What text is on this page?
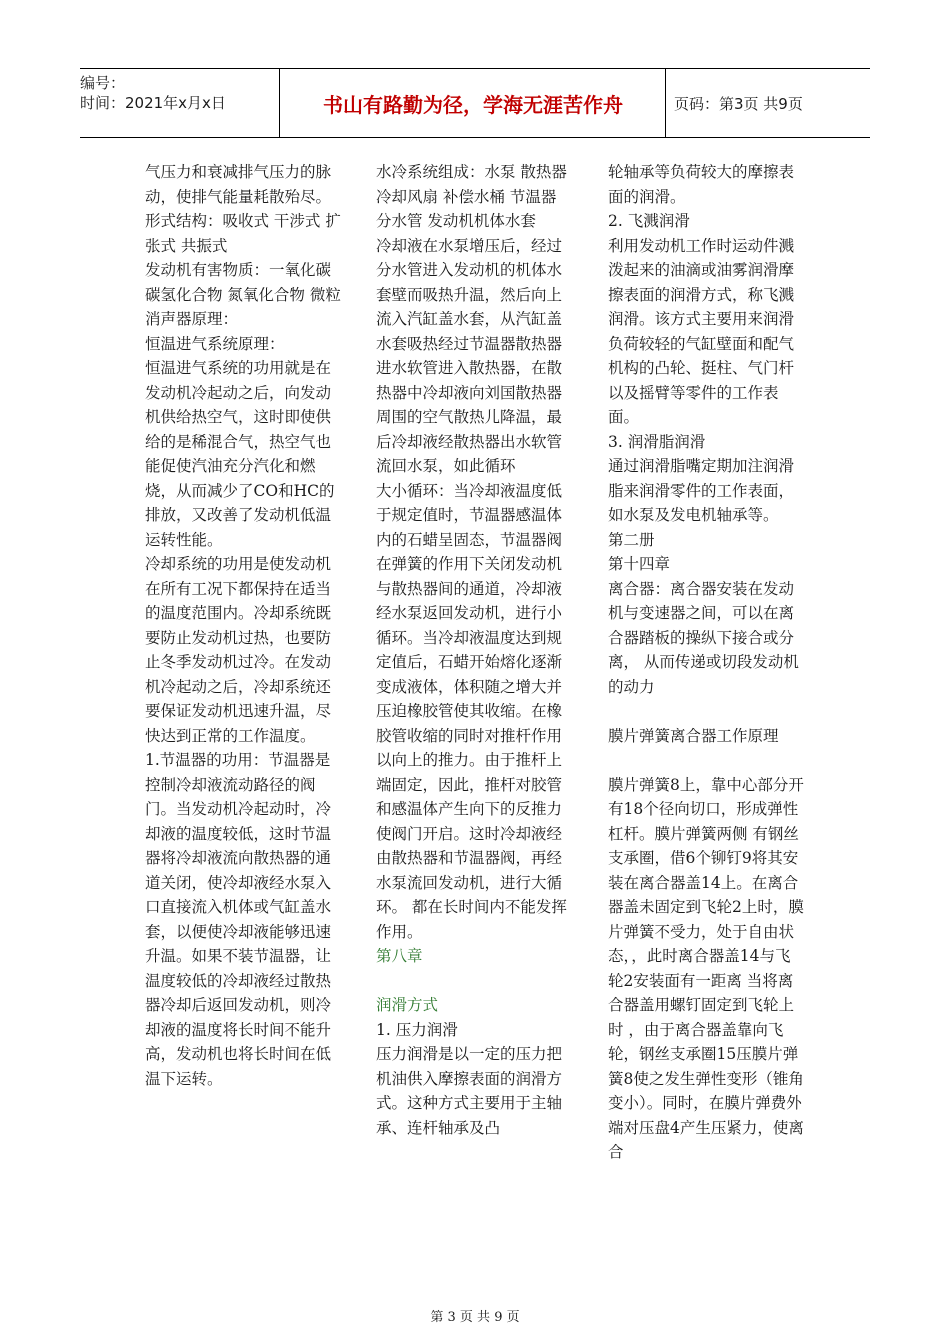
编号：
时间：2021年x月x日	书山有路勤为径，学海无涯苦作舟	页码：第3页 共9页

气压力和衰减排气压力的脉动，使排气能量耗散殆尽。

形式结构：吸收式 干涉式 扩张式 共振式

发动机有害物质：一氧化碳 碳氢化合物 氮氧化合物 微粒

消声器原理：

恒温进气系统原理：

恒温进气系统的功用就是在发动机冷起动之后，向发动机供给热空气，这时即使供给的是稀混合气，热空气也能促使汽油充分汽化和燃烧，从而减少了CO和HC的排放，又改善了发动机低温运转性能。

冷却系统的功用是使发动机在所有工况下都保持在适当的温度范围内。冷却系统既要防止发动机过热，也要防止冬季发动机过冷。在发动机冷起动之后，冷却系统还要保证发动机迅速升温，尽快达到正常的工作温度。

1.节温器的功用：节温器是控制冷却液流动路径的阀门。当发动机冷起动时，冷却液的温度较低，这时节温器将冷却液流向散热器的通道关闭，使冷却液经水泵入口直接流入机体或气缸盖水套，以便使冷却液能够迅速升温。如果不装节温器，让温度较低的冷却液经过散热器冷却后返回发动机，则冷却液的温度将长时间不能升高，发动机也将长时间在低温下运转。

水冷系统组成：水泵 散热器 冷却风扇 补偿水桶 节温器 分水管 发动机机体水套

冷却液在水泵增压后，经过分水管进入发动机的机体水套壁而吸热升温，然后向上流入汽缸盖水套，从汽缸盖水套吸热经过节温器散热器进水软管进入散热器，在散热器中冷却液向刘国散热器周围的空气散热儿降温，最后冷却液经散热器出水软管流回水泵，如此循环

大小循环：当冷却液温度低于规定值时，节温器感温体内的石蜡呈固态，节温器阀在弹簧的作用下关闭发动机与散热器间的通道，冷却液经水泵返回发动机，进行小循环。当冷却液温度达到规定值后，石蜡开始熔化逐渐变成液体，体积随之增大并压迫橡胶管使其收缩。在橡胶管收缩的同时对推杆作用以向上的推力。由于推杆上端固定，因此，推杆对胶管和感温体产生向下的反推力使阀门开启。这时冷却液经由散热器和节温器阀，再经水泵流回发动机，进行大循环。 都在长时间内不能发挥作用。

第八章

润滑方式

1. 压力润滑

压力润滑是以一定的压力把机油供入摩擦表面的润滑方式。这种方式主要用于主轴承、连杆轴承及凸

轮轴承等负荷较大的摩擦表面的润滑。

2. 飞溅润滑

利用发动机工作时运动件溅泼起来的油滴或油雾润滑摩擦表面的润滑方式，称飞溅润滑。该方式主要用来润滑负荷较轻的气缸壁面和配气机构的凸轮、挺柱、气门杆以及摇臂等零件的工作表面。

3. 润滑脂润滑

通过润滑脂嘴定期加注润滑脂来润滑零件的工作表面，如水泵及发电机轴承等。

第二册

第十四章

离合器：离合器安装在发动机与变速器之间，可以在离合器踏板的操纵下接合或分离， 从而传递或切段发动机的动力

膜片弹簧离合器工作原理

膜片弹簧8上，靠中心部分开有18个径向切口，形成弹性杠杆。膜片弹簧两侧 有钢丝支承圈，借6个铆钉9将其安装在离合器盖14上。在离合器盖未固定到飞轮2上时，膜片弹簧不受力，处于自由状态，，此时离合器盖14与飞轮2安装面有一距离 当将离合器盖用螺钉固定到飞轮上时 ，由于离合器盖靠向飞轮，钢丝支承圈15压膜片弹簧8使之发生弹性变形（锥角变小）。同时，在膜片弹费外端对压盘4产生压紧力，使离合

第 3 页 共 9 页
